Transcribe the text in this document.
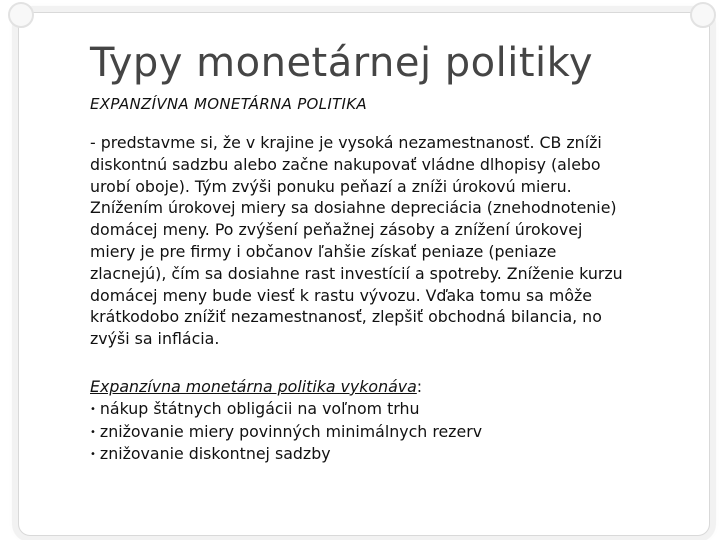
Typy monetárnej politiky
EXPANZÍVNA MONETÁRNA POLITIKA
- predstavme si, že v krajine je vysoká nezamestnanosť. CB zníži
diskontnú sadzbu alebo začne nakupovať vládne dlhopisy (alebo
urobí oboje). Tým zvýši ponuku peňazí a zníži úrokovú mieru.
Znížením úrokovej miery sa dosiahne depreciácia (znehodnotenie)
domácej meny. Po zvýšení peňažnej zásoby a znížení úrokovej
miery je pre firmy i občanov ľahšie získať peniaze (peniaze
zlacnejú), čím sa dosiahne rast investícií a spotreby. Zníženie kurzu
domácej meny bude viesť k rastu vývozu. Vďaka tomu sa môže
krátkodobo znížiť nezamestnanosť, zlepšiť obchodná bilancia, no
zvýši sa inflácia.
Expanzívna monetárna politika vykonáva:
• nákup štátnych obligácii na voľnom trhu
• znižovanie miery povinných minimálnych rezerv
• znižovanie diskontnej sadzby
